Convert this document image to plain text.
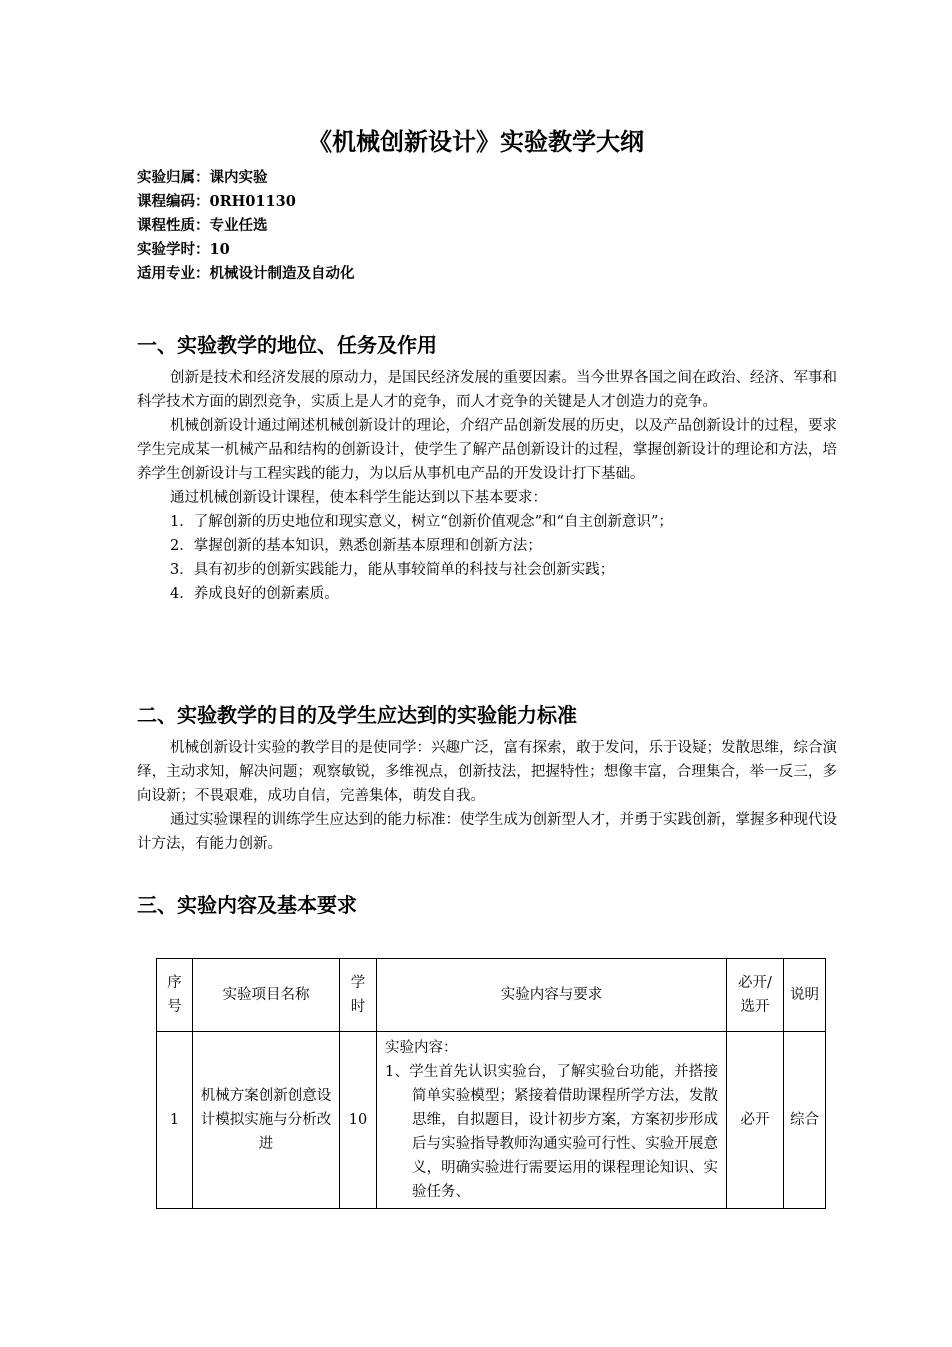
《机械创新设计》实验教学大纲
实验归属：课内实验
课程编码：0RH01130
课程性质：专业任选
实验学时：10
适用专业：机械设计制造及自动化
一、实验教学的地位、任务及作用

创新是技术和经济发展的原动力，是国民经济发展的重要因素。当今世界各国之间在政治、经济、军事和科学技术方面的剧烈竞争，实质上是人才的竞争，而人才竞争的关键是人才创造力的竞争。

机械创新设计通过阐述机械创新设计的理论，介绍产品创新发展的历史，以及产品创新设计的过程，要求学生完成某一机械产品和结构的创新设计，使学生了解产品创新设计的过程，掌握创新设计的理论和方法，培养学生创新设计与工程实践的能力，为以后从事机电产品的开发设计打下基础。

通过机械创新设计课程，使本科学生能达到以下基本要求：

1．了解创新的历史地位和现实意义，树立“创新价值观念”和“自主创新意识”；
2．掌握创新的基本知识，熟悉创新基本原理和创新方法；
3．具有初步的创新实践能力，能从事较简单的科技与社会创新实践；
4．养成良好的创新素质。
二、实验教学的目的及学生应达到的实验能力标准

机械创新设计实验的教学目的是使同学：兴趣广泛，富有探索，敢于发问，乐于设疑；发散思维，综合演绎，主动求知，解决问题；观察敏锐，多维视点，创新技法，把握特性；想像丰富，合理集合，举一反三，多向设新；不畏艰难，成功自信，完善集体，萌发自我。

通过实验课程的训练学生应达到的能力标准：使学生成为创新型人才，并勇于实践创新，掌握多种现代设计方法，有能力创新。

三、实验内容及基本要求
序号	实验项目名称	学时	实验内容与要求	必开/选开	说明
1	机械方案创新创意设计模拟实施与分析改进	10	实验内容：
1、学生首先认识实验台，了解实验台功能，并搭接简单实验模型；紧接着借助课程所学方法，发散思维，自拟题目，设计初步方案，方案初步形成后与实验指导教师沟通实验可行性、实验开展意义，明确实验进行需要运用的课程理论知识、实验任务、	必开	综合
